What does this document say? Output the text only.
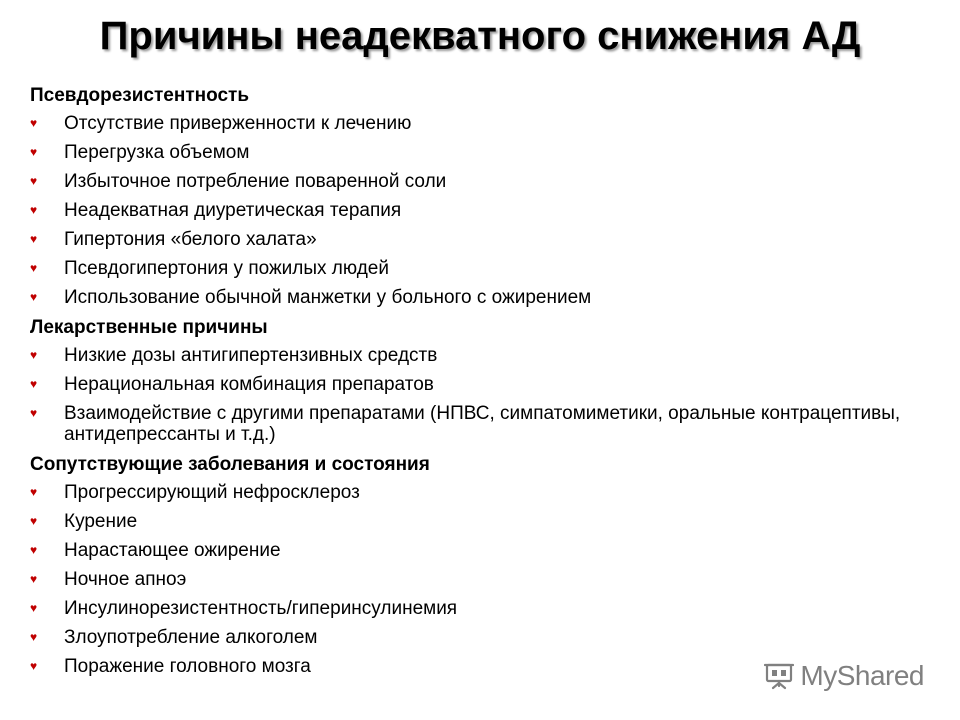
Причины неадекватного снижения АД
Псевдорезистентность
♥	Отсутствие приверженности к лечению
♥	Перегрузка объемом
♥	Избыточное потребление поваренной соли
♥	Неадекватная диуретическая терапия
♥	Гипертония «белого халата»
♥	Псевдогипертония у пожилых людей
♥	Использование обычной манжетки у больного с ожирением
Лекарственные причины
♥	Низкие дозы антигипертензивных средств
♥	Нерациональная комбинация препаратов
♥	Взаимодействие с другими препаратами (НПВС, симпатомиметики, оральные контрацептивы, антидепрессанты и т.д.)
Сопутствующие заболевания и состояния
♥	Прогрессирующий нефросклероз
♥	Курение
♥	Нарастающее ожирение
♥	Ночное апноэ
♥	Инсулинорезистентность/гиперинсулинемия
♥	Злоупотребление алкоголем
♥	Поражение головного мозга	MyShared
